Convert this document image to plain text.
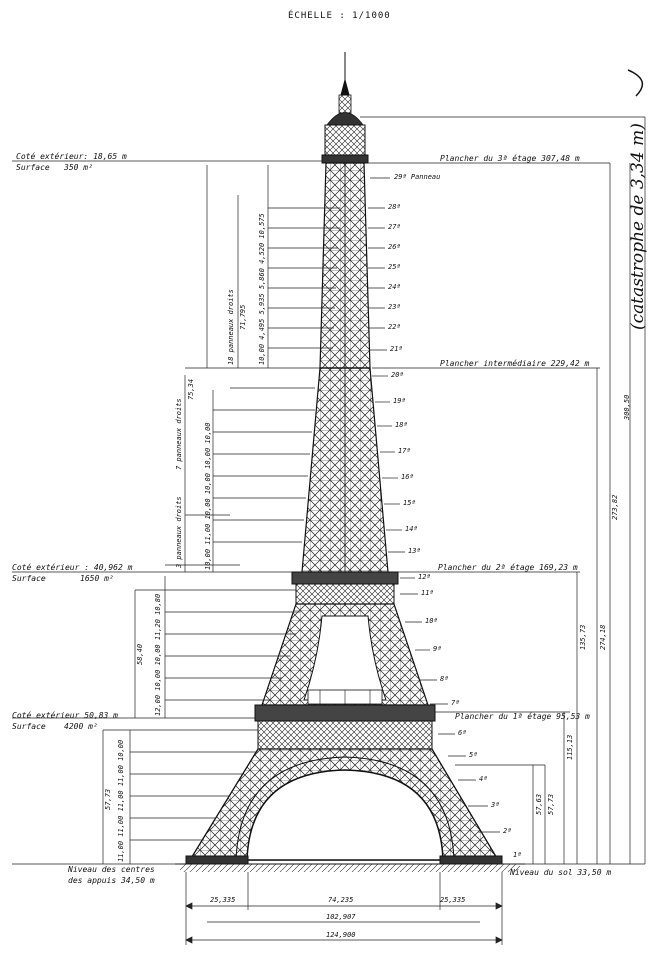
ÉCHELLE : 1/1000
Coté extérieur: 18,65 m
Surface 350 m²
Plancher du 3ª étage 307,48 m
Plancher intermédiaire 229,42 m
Coté extérieur : 40,962 m
Surface	1650 m²
Plancher du 2ª étage 169,23 m
Coté extérieur 50,83 m
Surface 4200 m²
Plancher du 1ª étage 95,53 m
Niveau des centres
des appuis 34,50 m
Niveau du sol 33,50 m
29ª Panneau
28ª
27ª
26ª
25ª
24ª
23ª
22ª
21ª
20ª
19ª
18ª
17ª
16ª
15ª
14ª
13ª
12ª
11ª
10ª
9ª
8ª
7ª
6ª
5ª
4ª
3ª
2ª
1ª
18 panneaux droits 71,795 10,00 4,495 5,935 5,860 4,520 10,575
75,34
7 panneaux droits	10,00 11,00 10,00 10,00 10,00 10,00
3 panneaux droits
58,40 12,00 10,00 10,00 11,20 10,80
57,73 11,00 11,00 11,00 11,00 10,00
300,50
273,82
274,18
135,73
115,13
57,73
57,63
(catastrophe de 3,34 m)
25,335	74,235	25,335
102,907
124,900
